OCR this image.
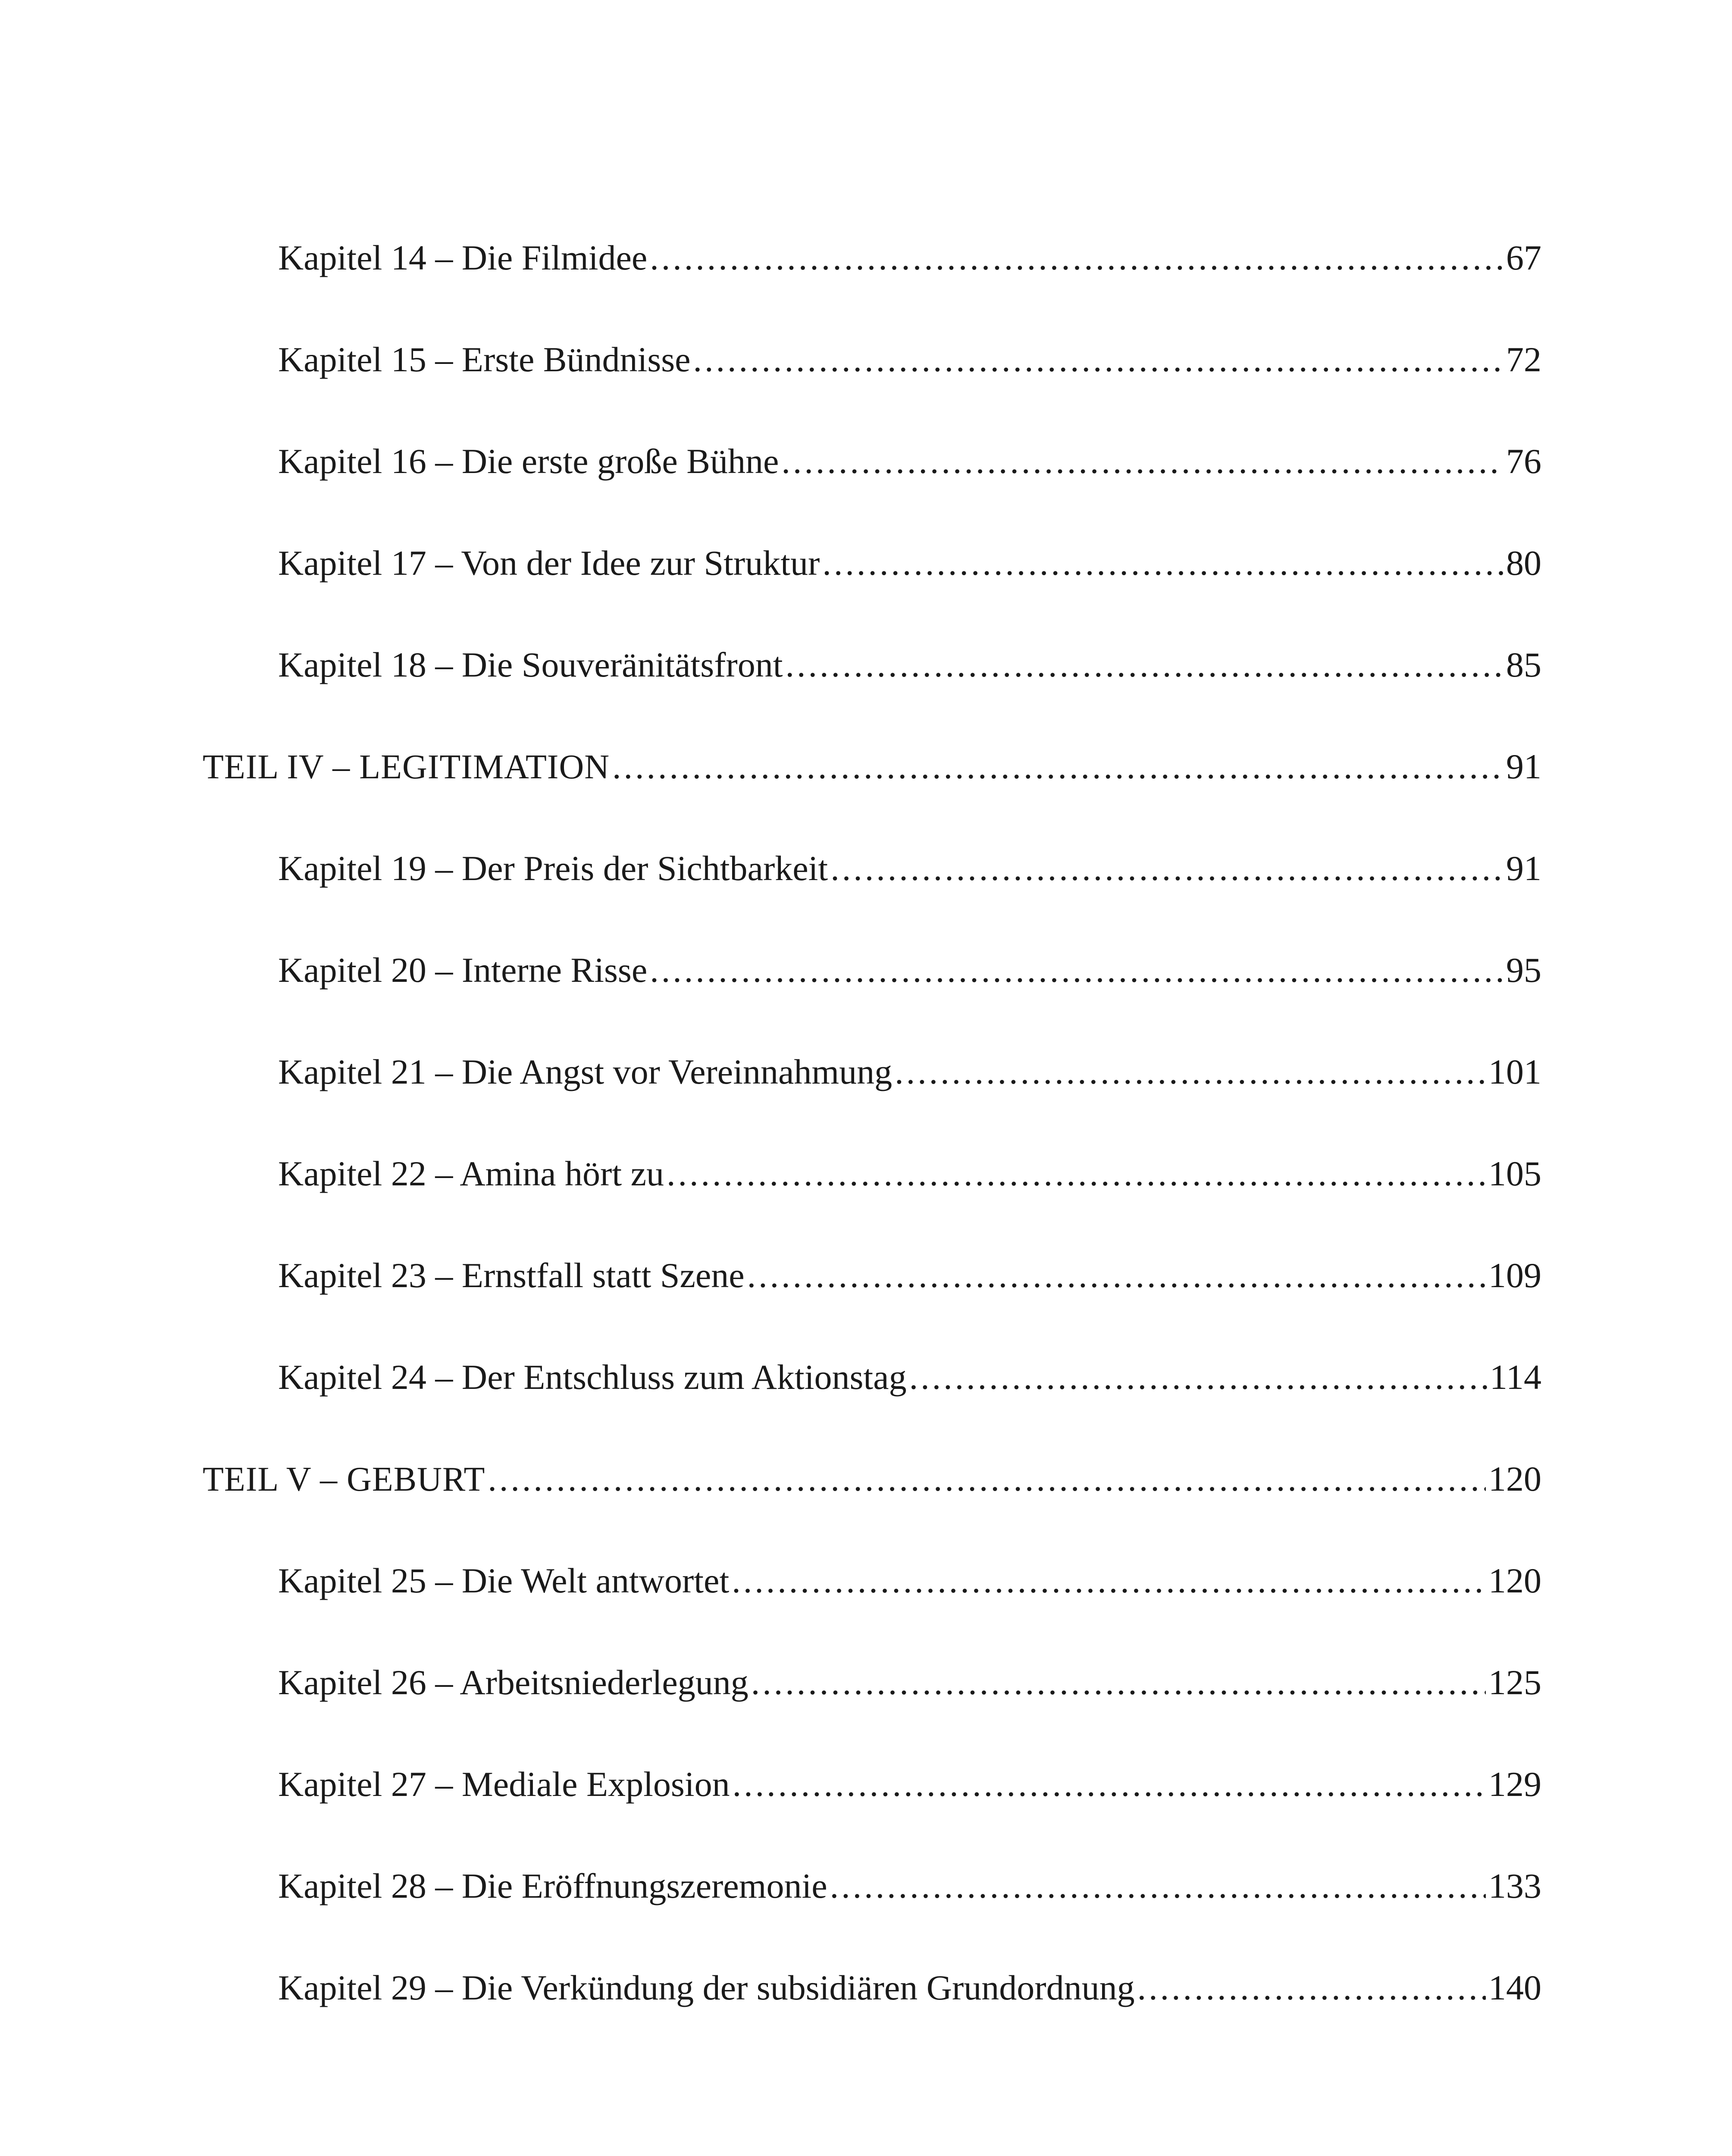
Kapitel 14 – Die Filmidee .....	67
Kapitel 15 – Erste Bündnisse .....	72
Kapitel 16 – Die erste große Bühne .....	76
Kapitel 17 – Von der Idee zur Struktur .....	80
Kapitel 18 – Die Souveränitätsfront .....	85
TEIL IV – LEGITIMATION .....	91
Kapitel 19 – Der Preis der Sichtbarkeit .....	91
Kapitel 20 – Interne Risse .....	95
Kapitel 21 – Die Angst vor Vereinnahmung .....	101
Kapitel 22 – Amina hört zu .....	105
Kapitel 23 – Ernstfall statt Szene .....	109
Kapitel 24 – Der Entschluss zum Aktionstag .....	114
TEIL V – GEBURT .....	120
Kapitel 25 – Die Welt antwortet .....	120
Kapitel 26 – Arbeitsniederlegung .....	125
Kapitel 27 – Mediale Explosion .....	129
Kapitel 28 – Die Eröffnungszeremonie .....	133
Kapitel 29 – Die Verkündung der subsidiären Grundordnung .....	140
